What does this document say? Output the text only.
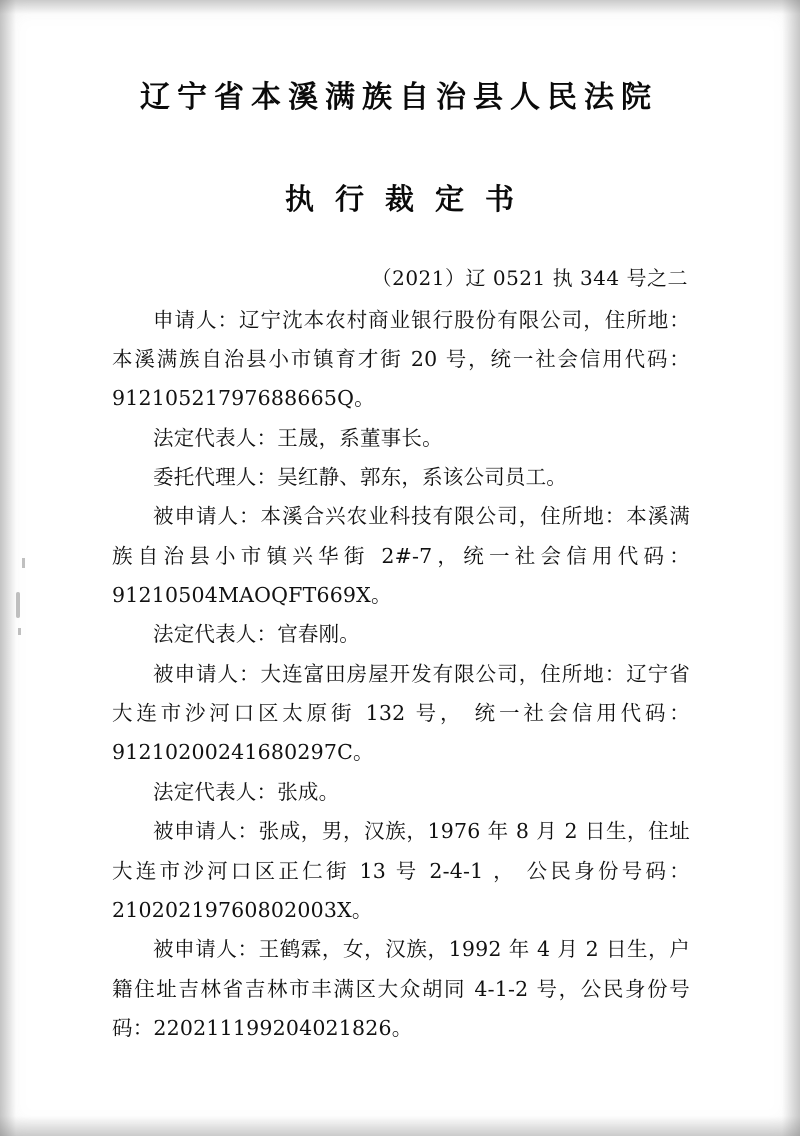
辽宁省本溪满族自治县人民法院
执行裁定书
（2021）辽 0521 执 344 号之二

申请人：辽宁沈本农村商业银行股份有限公司，住所地：本溪满族自治县小市镇育才街 20 号，统一社会信用代码：91210521797688665Q。

法定代表人：王晟，系董事长。

委托代理人：吴红静、郭东，系该公司员工。

被申请人：本溪合兴农业科技有限公司，住所地：本溪满族自治县小市镇兴华街 2#-7，统一社会信用代码：91210504MAOQFT669X。

法定代表人：官春刚。

被申请人：大连富田房屋开发有限公司，住所地：辽宁省大连市沙河口区太原街 132 号， 统一社会信用代码：91210200241680297C。

法定代表人：张成。

被申请人：张成，男，汉族，1976 年 8 月 2 日生，住址大连市沙河口区正仁街 13 号 2-4-1 ， 公民身份号码：21020219760802003X。

被申请人：王鹤霖，女，汉族，1992 年 4 月 2 日生，户籍住址吉林省吉林市丰满区大众胡同 4-1-2 号，公民身份号码：220211199204021826。
